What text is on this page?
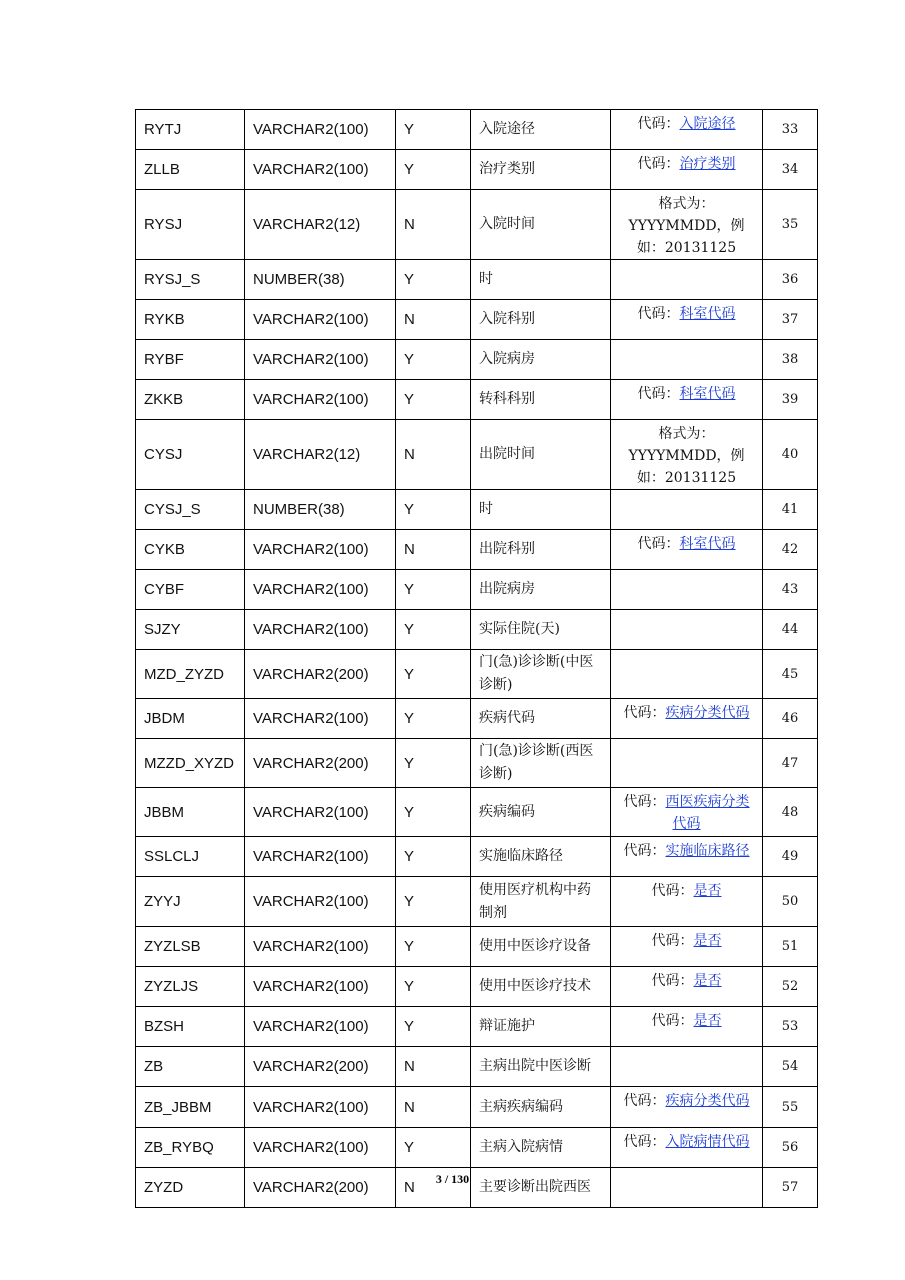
RYTJ	VARCHAR2(100)	Y	入院途径	代码：入院途径	33
ZLLB	VARCHAR2(100)	Y	治疗类别	代码：治疗类别	34
RYSJ	VARCHAR2(12)	N	入院时间	格式为：YYYYMMDD，例如：20131125	35
RYSJ_S	NUMBER(38)	Y	时		36
RYKB	VARCHAR2(100)	N	入院科别	代码：科室代码	37
RYBF	VARCHAR2(100)	Y	入院病房		38
ZKKB	VARCHAR2(100)	Y	转科科别	代码：科室代码	39
CYSJ	VARCHAR2(12)	N	出院时间	格式为：YYYYMMDD，例如：20131125	40
CYSJ_S	NUMBER(38)	Y	时		41
CYKB	VARCHAR2(100)	N	出院科别	代码：科室代码	42
CYBF	VARCHAR2(100)	Y	出院病房		43
SJZY	VARCHAR2(100)	Y	实际住院(天)		44
MZD_ZYZD	VARCHAR2(200)	Y	门(急)诊诊断(中医诊断)		45
JBDM	VARCHAR2(100)	Y	疾病代码	代码：疾病分类代码	46
MZZD_XYZD	VARCHAR2(200)	Y	门(急)诊诊断(西医诊断)		47
JBBM	VARCHAR2(100)	Y	疾病编码	代码：西医疾病分类代码	48
SSLCLJ	VARCHAR2(100)	Y	实施临床路径	代码：实施临床路径	49
ZYYJ	VARCHAR2(100)	Y	使用医疗机构中药制剂	代码：是否	50
ZYZLSB	VARCHAR2(100)	Y	使用中医诊疗设备	代码：是否	51
ZYZLJS	VARCHAR2(100)	Y	使用中医诊疗技术	代码：是否	52
BZSH	VARCHAR2(100)	Y	辩证施护	代码：是否	53
ZB	VARCHAR2(200)	N	主病出院中医诊断		54
ZB_JBBM	VARCHAR2(100)	N	主病疾病编码	代码：疾病分类代码	55
ZB_RYBQ	VARCHAR2(100)	Y	主病入院病情	代码：入院病情代码	56
ZYZD	VARCHAR2(200)	N	主要诊断出院西医		57
3 / 130
